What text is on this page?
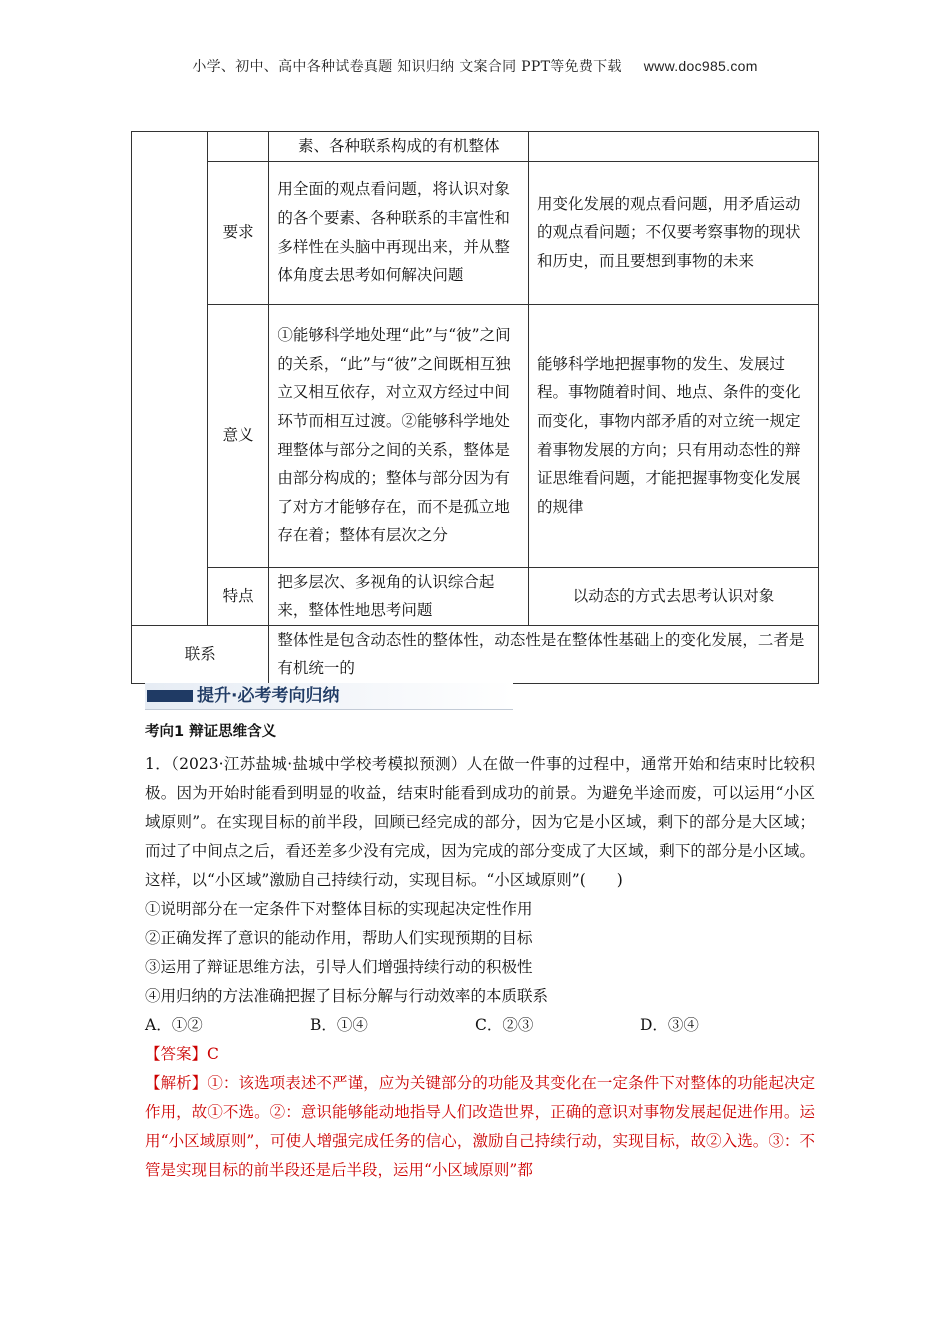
小学、初中、高中各种试卷真题 知识归纳 文案合同 PPT等免费下载 www.doc985.com
		素、各种联系构成的有机整体	
	要求	用全面的观点看问题，将认识对象的各个要素、各种联系的丰富性和多样性在头脑中再现出来，并从整体角度去思考如何解决问题	用变化发展的观点看问题，用矛盾运动的观点看问题；不仅要考察事物的现状和历史，而且要想到事物的未来
	意义	①能够科学地处理“此”与“彼”之间的关系，“此”与“彼”之间既相互独立又相互依存，对立双方经过中间环节而相互过渡。②能够科学地处理整体与部分之间的关系，整体是由部分构成的；整体与部分因为有了对方才能够存在，而不是孤立地存在着；整体有层次之分	能够科学地把握事物的发生、发展过程。事物随着时间、地点、条件的变化而变化，事物内部矛盾的对立统一规定着事物发展的方向；只有用动态性的辩证思维看问题，才能把握事物变化发展的规律
	特点	把多层次、多视角的认识综合起来，整体性地思考问题	以动态的方式去思考认识对象

联系		整体性是包含动态性的整体性，动态性是在整体性基础上的变化发展，二者是有机统一的	
提升·必考考向归纳
考向1 辩证思维含义
1．（2023·江苏盐城·盐城中学校考模拟预测）人在做一件事的过程中，通常开始和结束时比较积极。因为开始时能看到明显的收益，结束时能看到成功的前景。为避免半途而废，可以运用“小区域原则”。在实现目标的前半段，回顾已经完成的部分，因为它是小区域，剩下的部分是大区域；而过了中间点之后，看还差多少没有完成，因为完成的部分变成了大区域，剩下的部分是小区域。这样，以“小区域”激励自己持续行动，实现目标。“小区域原则”(　　)
①说明部分在一定条件下对整体目标的实现起决定性作用
②正确发挥了意识的能动作用，帮助人们实现预期的目标
③运用了辩证思维方法，引导人们增强持续行动的积极性
④用归纳的方法准确把握了目标分解与行动效率的本质联系
A．①②	B．①④	C．②③	D．③④
【答案】C
【解析】①：该选项表述不严谨，应为关键部分的功能及其变化在一定条件下对整体的功能起决定作用，故①不选。②：意识能够能动地指导人们改造世界，正确的意识对事物发展起促进作用。运用“小区域原则”，可使人增强完成任务的信心，激励自己持续行动，实现目标，故②入选。③：不管是实现目标的前半段还是后半段，运用“小区域原则”都
